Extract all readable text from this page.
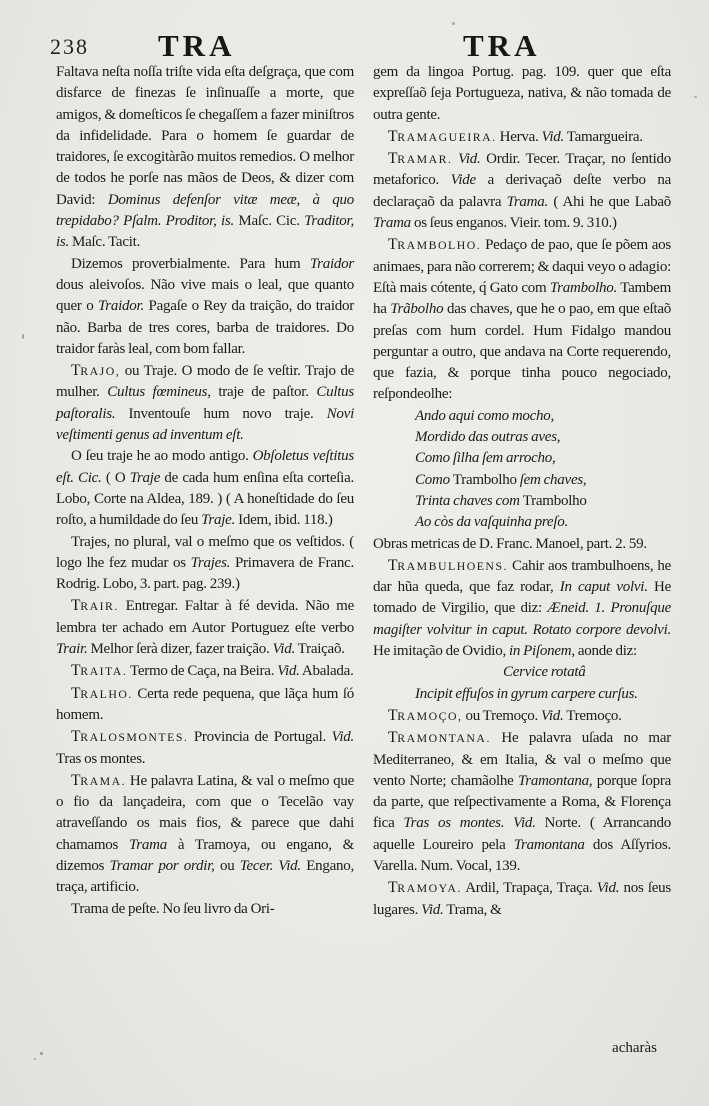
238 TRA	TRA

Faltava neſta noſſa triſte vida eſta deſgraça, que com disfarce de finezas ſe inſinuaſſe a morte, que amigos, & domeſticos ſe chegaſſem a fazer miniſtros da infidelidade. Para o homem ſe guardar de traidores, ſe excogitàrão muitos remedios. O melhor de todos he porſe nas mãos de Deos, & dizer com David: Dominus defenſor vitæ meæ, à quo trepidabo? Pſalm. Proditor, is. Maſc. Cic. Traditor, is. Maſc. Tacit.

Dizemos proverbialmente. Para hum Traidor dous aleivoſos. Não vive mais o leal, que quanto quer o Traidor. Pagaſe o Rey da traição, do traidor não. Barba de tres cores, barba de traidores. Do traidor faràs leal, com bom fallar.

TRAJO, ou Traje. O modo de ſe veſtir. Trajo de mulher. Cultus fœmineus, traje de paſtor. Cultus paſtoralis. Inventouſe hum novo traje. Novi veſtimenti genus ad inventum eſt.

O ſeu traje he ao modo antigo. Obſoletus veſtitus eſt. Cic. ( O Traje de cada hum enſina eſta corteſia. Lobo, Corte na Aldea, 189. ) ( A honeſtidade do ſeu roſto, a humildade do ſeu Traje. Idem, ibid. 118.)

Trajes, no plural, val o meſmo que os veſtidos. ( logo lhe fez mudar os Trajes. Primavera de Franc. Rodrig. Lobo, 3. part. pag. 239.)

TRAIR. Entregar. Faltar à fé devida. Não me lembra ter achado em Autor Portuguez eſte verbo Trair. Melhor ſerà dizer, fazer traição. Vid. Traiçaõ.

TRAITA. Termo de Caça, na Beira. Vid. Abalada.

TRALHO. Certa rede pequena, que lãça hum ſó homem.

TRALOSMONTES. Provincia de Portugal. Vid. Tras os montes.

TRAMA. He palavra Latina, & val o meſmo que o fio da lançadeira, com que o Tecelão vay atraveſſando os mais fios, & parece que dahi chamamos Trama à Tramoya, ou engano, & dizemos Tramar por ordir, ou Tecer. Vid. Engano, traça, artificio.

Trama de peſte. No ſeu livro da Ori-

gem da lingoa Portug. pag. 109. quer que eſta expreſſaõ ſeja Portugueza, nativa, & não tomada de outra gente.

TRAMAGUEIRA. Herva. Vid. Tamargueira.

TRAMAR. Vid. Ordir. Tecer. Traçar, no ſentido metaforico. Vide a derivaçaõ deſte verbo na declaraçaõ da palavra Trama. ( Ahi he que Labaõ Trama os ſeus enganos. Vieir. tom. 9. 310.)

TRAMBOLHO. Pedaço de pao, que ſe põem aos animaes, para não correrem; & daqui veyo o adagio: Eſtà mais cótente, q́ Gato com Trambolho. Tambem ha Trãbolho das chaves, que he o pao, em que eſtaõ preſas com hum cordel. Hum Fidalgo mandou perguntar a outro, que andava na Corte requerendo, que fazia, & porque tinha pouco negociado, reſpondeolhe:

Ando aqui como mocho,

Mordido das outras aves,

Como ſilha ſem arrocho,

Como Trambolho ſem chaves,

Trinta chaves com Trambolho

Ao còs da vaſquinha preſo.

Obras metricas de D. Franc. Manoel, part. 2. 59.

TRAMBULHOENS. Cahir aos trambulhoens, he dar hũa queda, que faz rodar, In caput volvi. He tomado de Virgilio, que diz: Æneid. 1. Pronuſque magiſter volvitur in caput. Rotato corpore devolvi. He imitação de Ovidio, in Piſonem, aonde diz:

Cervice rotatâ

Incipit effuſos in gyrum carpere curſus.

TRAMOÇO, ou Tremoço. Vid. Tremoço.

TRAMONTANA. He palavra uſada no mar Mediterraneo, & em Italia, & val o meſmo que vento Norte; chamãolhe Tramontana, porque ſopra da parte, que reſpectivamente a Roma, & Florença fica Tras os montes. Vid. Norte. ( Arrancando aquelle Loureiro pela Tramontana dos Aſſyrios. Varella. Num. Vocal, 139.

TRAMOYA. Ardil, Trapaça, Traça. Vid. nos ſeus lugares. Vid. Trama, &

acharàs
